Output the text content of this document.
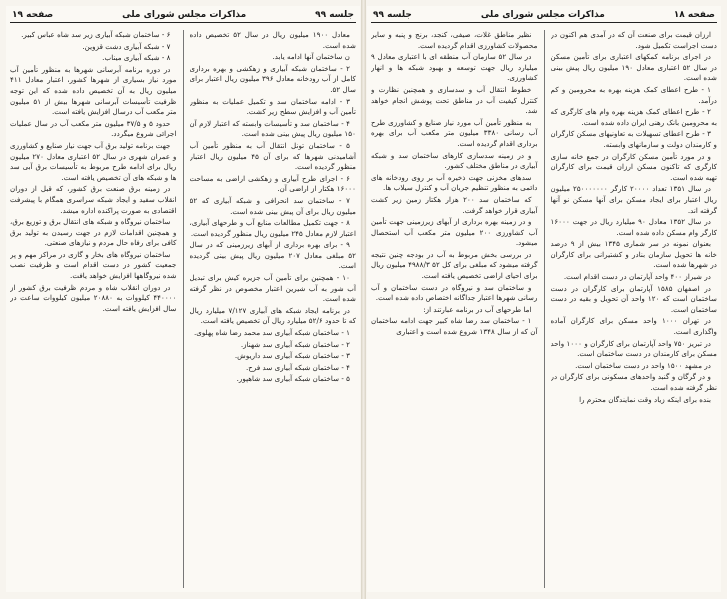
جلسه ۹۹
مذاکرات مجلس شورای ملی
صفحه ۱۹

معادل ۱۹۰۰ میلیون ریال در سال ۵۲ تخصیص داده شده است.

ن ساختمان آنها ادامه یابد.

۲ - ساختمان شبکه آبیاری و زهکشی و بهره برداری کامل از آب رودخانه معادل ۳۹۶ میلیون ریال اعتبار برای سال ۵۲.

۳ - ادامه ساختمان سد و تکمیل عملیات به منظور تأمین آب و افزایش سطح زیر کشت.

۴ - ساختمان سد و تأسیسات وابسته که اعتبار لازم آن ۱۵۰ میلیون ریال پیش بینی شده است.

۵ - ساختمان تونل انتقال آب به منظور تأمین آب آشامیدنی شهرها که برای آن ۴۵ میلیون ریال اعتبار منظور گردیده است.

۶ - اجرای طرح آبیاری و زهکشی اراضی به مساحت ۱۶۰۰۰ هکتار از اراضی آن.

۷ - ساختمان سد انحرافی و شبکه آبیاری که ۵۲ میلیون ریال برای آن پیش بینی شده است.

۸ - جهت تکمیل مطالعات منابع آب و طرحهای آبیاری، اعتبار لازم معادل ۲۴۵ میلیون ریال منظور گردیده است.

۹ - برای بهره برداری از آبهای زیرزمینی که در سال ۵۲ مبلغی معادل ۲۰۷ میلیون ریال پیش بینی گردیده است.

۱۰ - همچنین برای تأمین آب جزیره کیش برای تبدیل آب شور به آب شیرین اعتبار مخصوص در نظر گرفته شده است.

در برنامه ایجاد شبکه های آبیاری ۷/۱۲۷ میلیارد ریال که تا حدود ۵۲/۶ میلیارد ریال آن تخصیص یافته است.

۱ - ساختمان شبکه آبیاری سد محمد رضا شاه پهلوی.

۲ - ساختمان شبکه آبیاری سد شهناز.

۳ - ساختمان شبکه آبیاری سد داریوش.

۴ - ساختمان شبکه آبیاری سد فرح.

۵ - ساختمان شبکه آبیاری سد شاهپور.

۶ - ساختمان شبکه آبیاری زیر سد شاه عباس کبیر.

۷ - شبکه آبیاری دشت قزوین.

۸ - شبکه آبیاری میناب.

در دوره برنامه آبرسانی شهرها به منظور تأمین آب مورد نیاز بسیاری از شهرها کشور، اعتبار معادل ۴۱۱ میلیون ریال به آن تخصیص داده شده که این توجه ظرفیت تأسیسات آبرسانی شهرها بیش از ۵۱ میلیون متر مکعب آب درسال افزایش یافته است.

حدود ۵ و ۳۷/۵ میلیون متر مکعب آب در سال عملیات اجرائی شروع میگردد.

جهت برنامه تولید برق آب جهت نیاز صنایع و کشاورزی و عمران شهری در سال ۵۲ اعتباری معادل ۲۷۰ میلیون ریال برای ادامه طرح مربوط به تأسیسات برق آبی سد ها و شبکه های آن تخصیص یافته است.

در زمینه برق صنعت برق کشور، که قبل از دوران انقلاب سفید و ایجاد شبکه سراسری همگام با پیشرفت اقتصادی به صورت پراکنده اداره میشد.

ساختمان نیروگاه و شبکه های انتقال برق و توزیع برق، و همچنین اقدامات لازم در جهت رسیدن به تولید برق کافی برای رفاه حال مردم و نیازهای صنعتی.

ساختمان نیروگاه های بخار و گازی در مراکز مهم و پر جمعیت کشور در دست اقدام است و ظرفیت نصب شده نیروگاهها افزایش خواهد یافت.

در دوران انقلاب شاه و مردم ظرفیت برق کشور از ۴۴۰۰۰۰ کیلووات به ۲۰۸۸۰ میلیون کیلووات ساعت در سال افزایش یافته است.

صفحه ۱۸
مذاکرات مجلس شورای ملی
جلسه ۹۹

ارزان قیمت برای صنعت آن که در آمدی هم اکنون در دست اجراست تکمیل شود.

در اجرای برنامه کمکهای اعتباری برای تأمین مسکن در سال ۵۲ اعتباری معادل ۱۹۰ میلیون ریال پیش بینی شده است.

۱ - طرح اعطای کمک هزینه بهره به محرومین و کم درآمد.

۲ - طرح اعطای کمک هزینه بهره وام های کارگری که به محرومین بانک رهنی ایران داده شده است.

۳ - طرح اعطای تسهیلات به تعاونیهای مسکن کارگران و کارمندان دولت و سازمانهای وابسته.

و در مورد تأمین مسکن کارگران در جمع خانه سازی کارگری که تاکنون مسکن ارزان قیمت برای کارگران تهیه شده است.

در سال ۱۳۵۱ تعداد ۲۰۰۰۰ کارگر ۲۵۰۰۰۰۰۰۰ میلیون ریال اعتبار برای ایجاد مسکن برای آنها مسکن نو آنها گرفته اند.

در سال ۱۳۵۲ معادل ۹۰ میلیارد ریال در جهت ۱۶۰۰۰ کارگر وام مسکن داده شده است.

بعنوان نمونه در سر شماری ۱۳۴۵ بیش از ۹ درصد خانه ها تحویل سازمان بنادر و کشتیرانی برای کارگران در شهرها شده است.

در شیراز ۴۰۰ واحد آپارتمان در دست اقدام است.

در اصفهان ۱۵۸۵ آپارتمان برای کارگران در دست ساختمان است که ۱۲۰ واحد آن تحویل و بقیه در دست ساختمان است.

در تهران ۱۰۰۰ واحد مسکن برای کارگران آماده واگذاری است.

در تبریز ۷۵۰ واحد آپارتمان برای کارگران و ۱۰۰۰ واحد مسکن برای کارمندان در دست ساختمان است.

در مشهد ۱۵۰۰ واحد در دست ساختمان است.

و در گرگان و گنبد واحدهای مسکونی برای کارگران در نظر گرفته شده است.

بنده برای اینکه زیاد وقت نمایندگان محترم را

نظیر مناطق غلات، صیفی، کنجد، برنج و پنبه و سایر محصولات کشاورزی اقدام گردیده است.

در سال ۵۲ سازمان آب منطقه ای با اعتباری معادل ۹ میلیارد ریال جهت توسعه و بهبود شبکه ها و انهار کشاورزی.

خطوط انتقال آب و سدسازی و همچنین نظارت و کنترل کیفیت آب در مناطق تحت پوشش انجام خواهد شد.

به منظور تأمین آب مورد نیاز صنایع و کشاورزی طرح آب رسانی ۳۳۸۰ میلیون متر مکعب آب برای بهره برداری اقدام گردیده است.

و در زمینه سدسازی کارهای ساختمان سد و شبکه آبیاری در مناطق مختلف کشور.

سدهای مخزنی جهت ذخیره آب بر روی رودخانه های دائمی به منظور تنظیم جریان آب و کنترل سیلاب ها.

که ساختمان سد ۲۰۰ هزار هکتار زمین زیر کشت آبیاری قرار خواهد گرفت.

و در زمینه بهره برداری از آبهای زیرزمینی جهت تأمین آب کشاورزی ۲۰۰ میلیون متر مکعب آب استحصال میشود.

در بررسی بخش مربوط به آب در بودجه چنین نتیجه گرفته میشود که مبلغی برای کل ۵۲ ۴۹۸۸/۳ میلیون ریال برای احیای اراضی تخصیص یافته است.

و ساختمان سد و نیروگاه در دست ساختمان و آب رسانی شهرها اعتبار جداگانه اختصاص داده شده است.

اما طرحهای آب در برنامه عبارتند از:

۱ - ساختمان سد رضا شاه کبیر جهت ادامه ساختمان آن که از سال ۱۳۴۸ شروع شده است و اعتباری
